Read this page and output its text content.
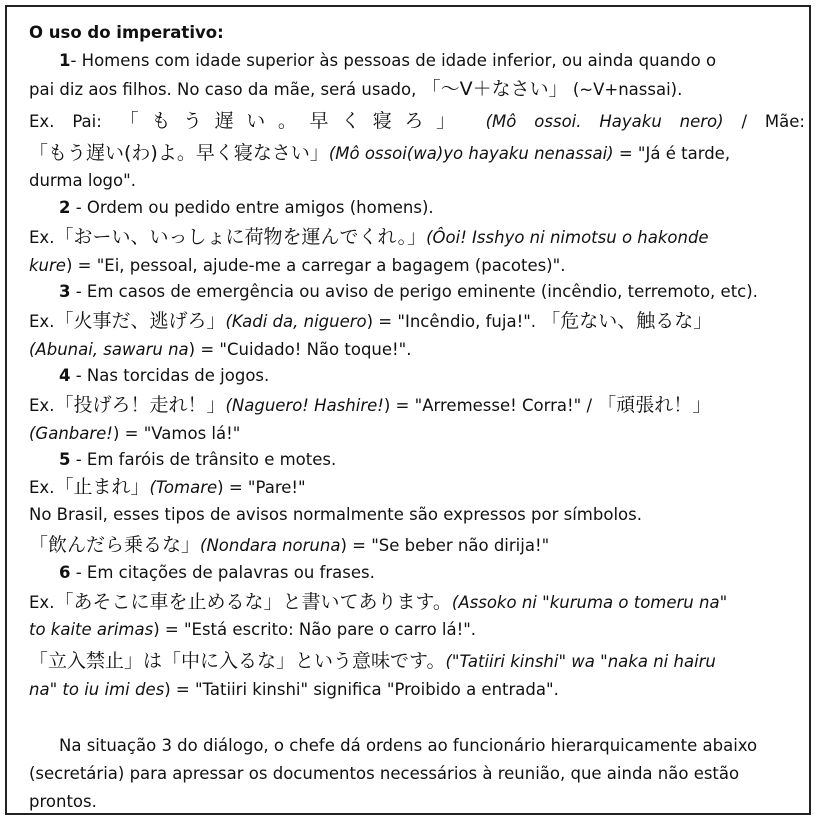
O uso do imperativo:
1- Homens com idade superior às pessoas de idade inferior, ou ainda quando o
pai diz aos filhos. No caso da mãe, será usado, 「～V＋なさい」 (~V+nassai).
Ex. Pai: 「もう遅い。早く寝ろ」 (Mô ossoi. Hayaku nero) / Mãe:
「もう遅い(わ)よ。早く寝なさい」(Mô ossoi(wa)yo hayaku nenassai) = "Já é tarde,
durma logo".
2 - Ordem ou pedido entre amigos (homens).
Ex.「おーい、いっしょに荷物を運んでくれ。」(Ôoi! Isshyo ni nimotsu o hakonde
kure) = "Ei, pessoal, ajude-me a carregar a bagagem (pacotes)".
3 - Em casos de emergência ou aviso de perigo eminente (incêndio, terremoto, etc).
Ex.「火事だ、逃げろ」(Kadi da, niguero) = "Incêndio, fuja!". 「危ない、触るな」
(Abunai, sawaru na) = "Cuidado! Não toque!".
4 - Nas torcidas de jogos.
Ex.「投げろ！走れ！」(Naguero! Hashire!) = "Arremesse! Corra!" / 「頑張れ！」
(Ganbare!) = "Vamos lá!"
5 - Em faróis de trânsito e motes.
Ex.「止まれ」(Tomare) = "Pare!"
No Brasil, esses tipos de avisos normalmente são expressos por símbolos.
「飲んだら乗るな」(Nondara noruna) = "Se beber não dirija!"
6 - Em citações de palavras ou frases.
Ex.「あそこに車を止めるな」と書いてあります。(Assoko ni "kuruma o tomeru na"
to kaite arimas) = "Está escrito: Não pare o carro lá!".
「立入禁止」は「中に入るな」という意味です。("Tatiiri kinshi" wa "naka ni hairu
na" to iu imi des) = "Tatiiri kinshi" significa "Proibido a entrada".
Na situação 3 do diálogo, o chefe dá ordens ao funcionário hierarquicamente abaixo
(secretária) para apressar os documentos necessários à reunião, que ainda não estão
prontos.
